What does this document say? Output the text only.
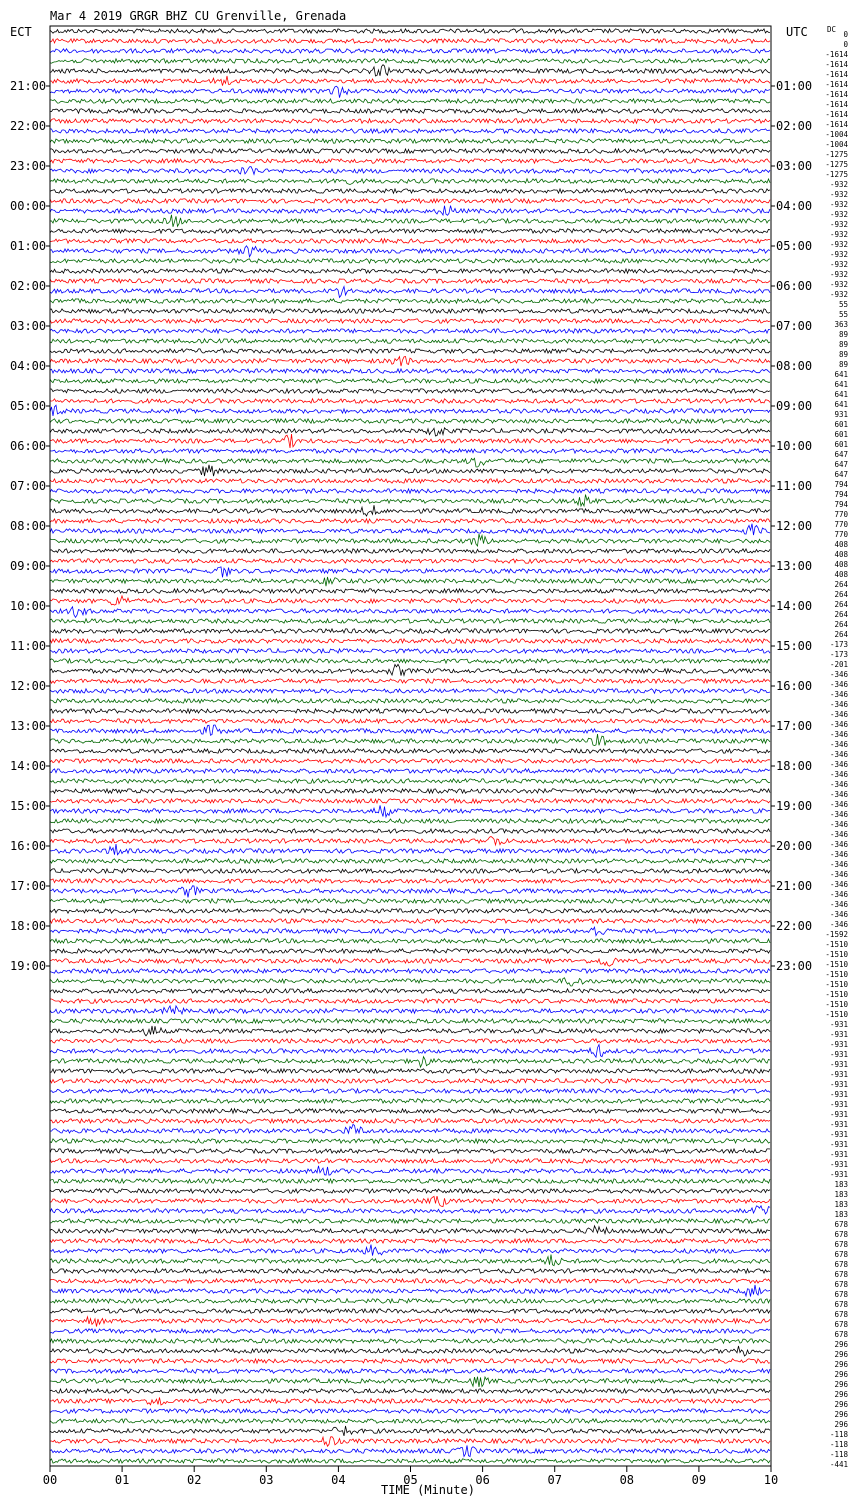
Mar 4 2019 GRGR BHZ CU Grenville, Grenada
ECT	UTC	DC
21:00
22:00
23:00
00:00
01:00
02:00
03:00
04:00
05:00
06:00
07:00
08:00
09:00
10:00
11:00
12:00
13:00
14:00
15:00
16:00
17:00
18:00
19:00
01:00
02:00
03:00
04:00
05:00
06:00
07:00
08:00
09:00
10:00
11:00
12:00
13:00
14:00
15:00
16:00
17:00
18:00
19:00
20:00
21:00
22:00
23:00
0
0
-1614
-1614
-1614
-1614
-1614
-1614
-1614
-1614
-1004
-1004
-1275
-1275
-1275
-932
-932
-932
-932
-932
-932
-932
-932
-932
-932
-932
-932
55
55
363
89
89
89
89
641
641
641
641
931
601
601
601
647
647
647
794
794
794
770
770
770
408
408
408
408
264
264
264
264
264
264
-173
-173
-201
-346
-346
-346
-346
-346
-346
-346
-346
-346
-346
-346
-346
-346
-346
-346
-346
-346
-346
-346
-346
-346
-346
-346
-346
-346
-346
-1592
-1510
-1510
-1510
-1510
-1510
-1510
-1510
-1510
-931
-931
-931
-931
-931
-931
-931
-931
-931
-931
-931
-931
-931
-931
-931
-931
183
183
183
183
678
678
678
678
678
678
678
678
678
678
678
678
296
296
296
296
296
296
296
296
296
-118
-118
-118
-441
00	01	02	03	04	05	06	07	08	09	10
TIME (Minute)
